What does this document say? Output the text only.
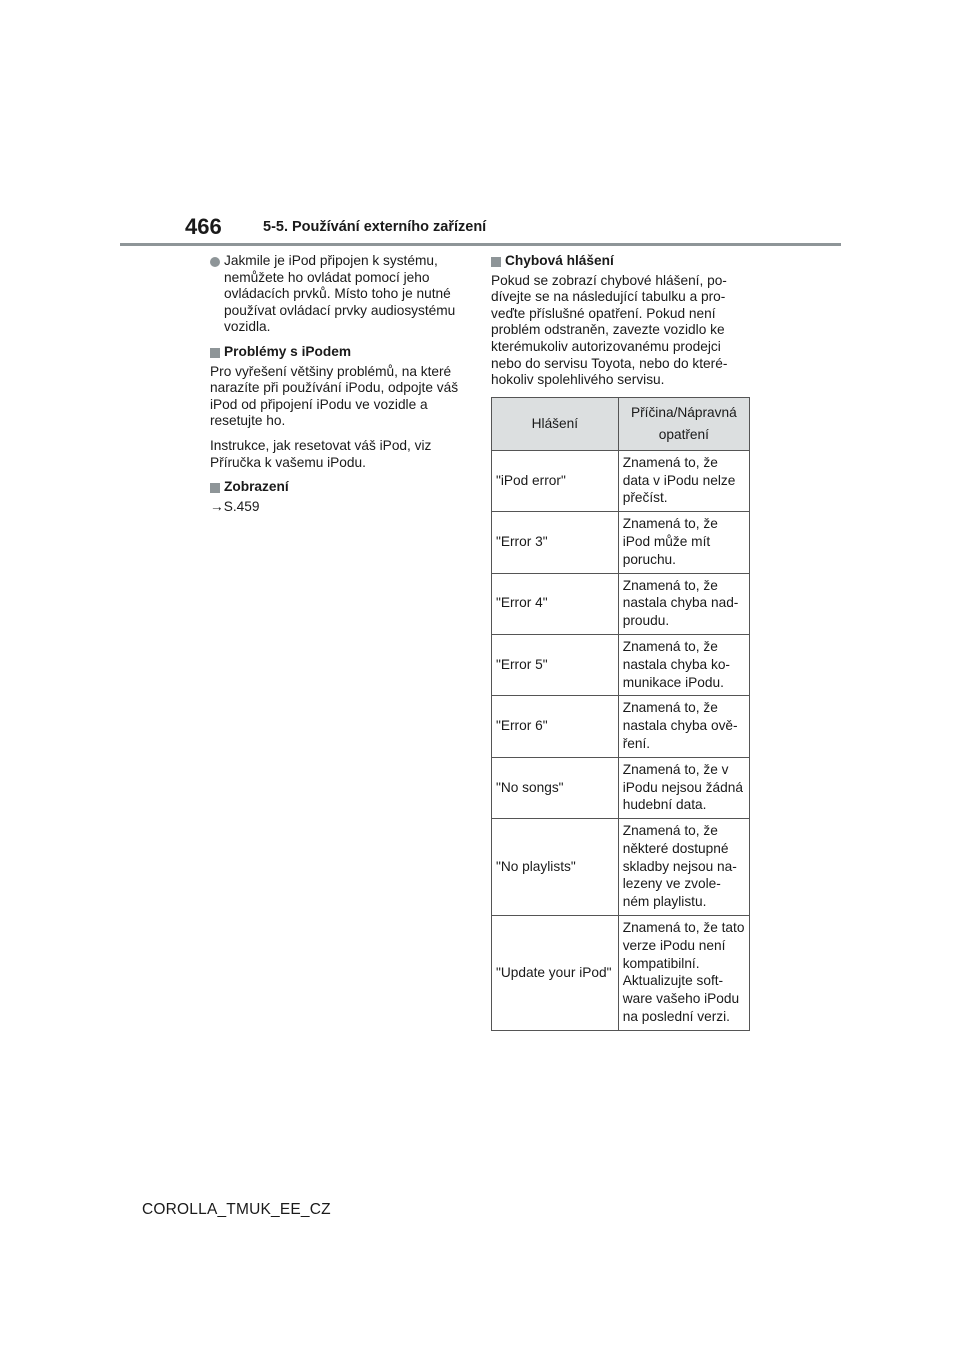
466	5-5. Používání externího zařízení
Jakmile je iPod připojen k systému, nemůžete ho ovládat pomocí jeho ovládacích prvků. Místo toho je nutné používat ovládací prvky audiosystému vozidla.
Problémy s iPodem
Pro vyřešení většiny problémů, na které narazíte při používání iPodu, odpojte váš iPod od připojení iPodu ve vozidle a resetujte ho.
Instrukce, jak resetovat váš iPod, viz Příručka k vašemu iPodu.
Zobrazení
→S.459
Chybová hlášení
Pokud se zobrazí chybové hlášení, po-dívejte se na následující tabulku a pro-veďte příslušné opatření. Pokud není problém odstraněn, zavezte vozidlo ke kterémukoliv autorizovanému prodejci nebo do servisu Toyota, nebo do které-hokoliv spolehlivého servisu.
Hlášení	Příčina/Nápravná opatření
"iPod error"	Znamená to, že data v iPodu nelze přečíst.
"Error 3"	Znamená to, že iPod může mít poruchu.
"Error 4"	Znamená to, že nastala chyba nad-proudu.
"Error 5"	Znamená to, že nastala chyba ko-munikace iPodu.
"Error 6"	Znamená to, že nastala chyba ově-ření.
"No songs"	Znamená to, že v iPodu nejsou žádná hudební data.
"No playlists"	Znamená to, že některé dostupné skladby nejsou na-lezeny ve zvole-ném playlistu.
"Update your iPod"	Znamená to, že tato verze iPodu není kompatibilní. Aktualizujte soft-ware vašeho iPodu na poslední verzi.
COROLLA_TMUK_EE_CZ
